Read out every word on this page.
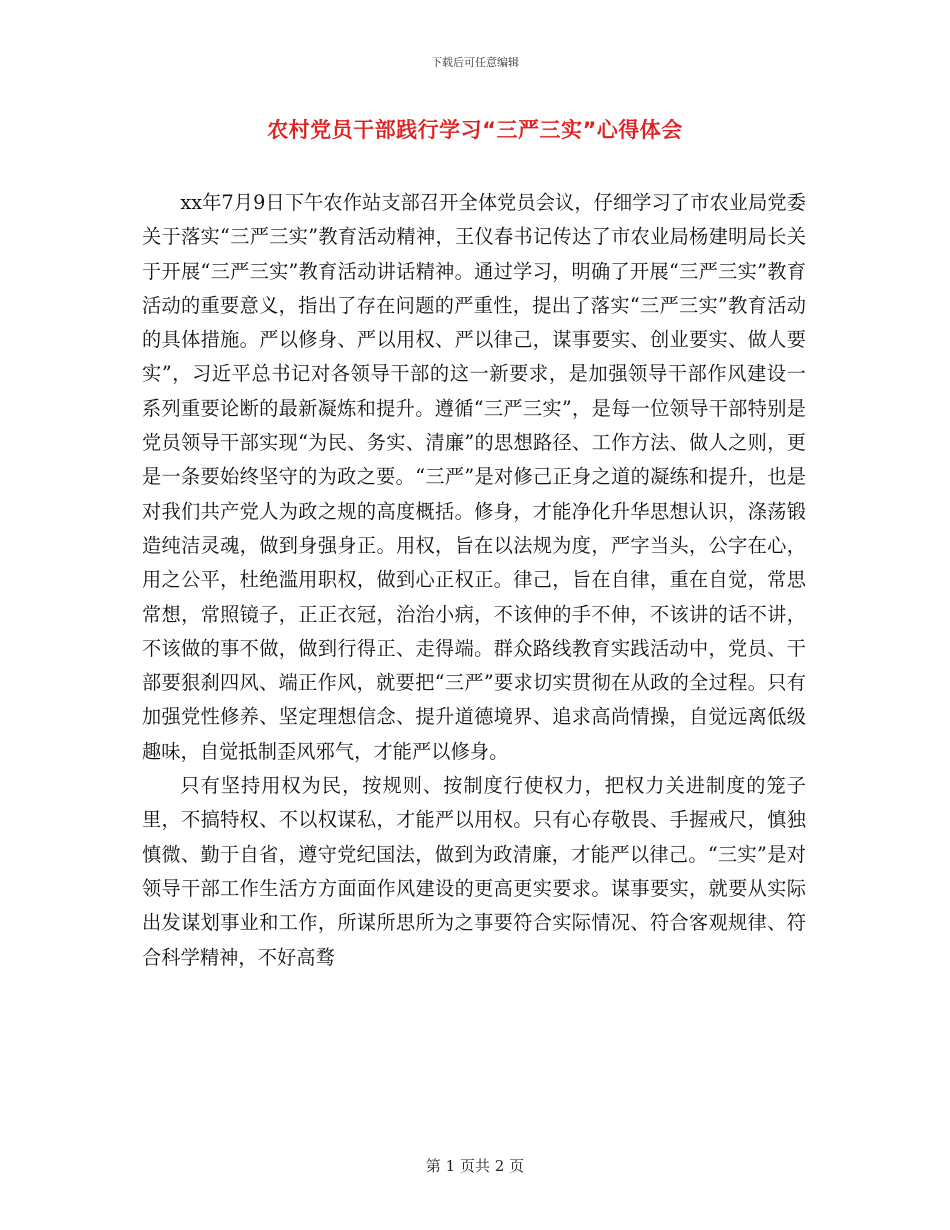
下载后可任意编辑
农村党员干部践行学习“三严三实”心得体会

xx年7月9日下午农作站支部召开全体党员会议，仔细学习了市农业局党委关于落实“三严三实”教育活动精神，王仪春书记传达了市农业局杨建明局长关于开展“三严三实”教育活动讲话精神。通过学习，明确了开展“三严三实”教育活动的重要意义，指出了存在问题的严重性，提出了落实“三严三实”教育活动的具体措施。严以修身、严以用权、严以律己，谋事要实、创业要实、做人要实”，习近平总书记对各领导干部的这一新要求，是加强领导干部作风建设一系列重要论断的最新凝炼和提升。遵循“三严三实”，是每一位领导干部特别是党员领导干部实现“为民、务实、清廉”的思想路径、工作方法、做人之则，更是一条要始终坚守的为政之要。“三严”是对修己正身之道的凝练和提升，也是对我们共产党人为政之规的高度概括。修身，才能净化升华思想认识，涤荡锻造纯洁灵魂，做到身强身正。用权，旨在以法规为度，严字当头，公字在心，用之公平，杜绝滥用职权，做到心正权正。律己，旨在自律，重在自觉，常思常想，常照镜子，正正衣冠，治治小病，不该伸的手不伸，不该讲的话不讲，不该做的事不做，做到行得正、走得端。群众路线教育实践活动中，党员、干部要狠刹四风、端正作风，就要把“三严”要求切实贯彻在从政的全过程。只有加强党性修养、坚定理想信念、提升道德境界、追求高尚情操，自觉远离低级趣味，自觉抵制歪风邪气，才能严以修身。

只有坚持用权为民，按规则、按制度行使权力，把权力关进制度的笼子里，不搞特权、不以权谋私，才能严以用权。只有心存敬畏、手握戒尺，慎独慎微、勤于自省，遵守党纪国法，做到为政清廉，才能严以律己。“三实”是对领导干部工作生活方方面面作风建设的更高更实要求。谋事要实，就要从实际出发谋划事业和工作，所谋所思所为之事要符合实际情况、符合客观规律、符合科学精神，不好高骛

第 1 页共 2 页
